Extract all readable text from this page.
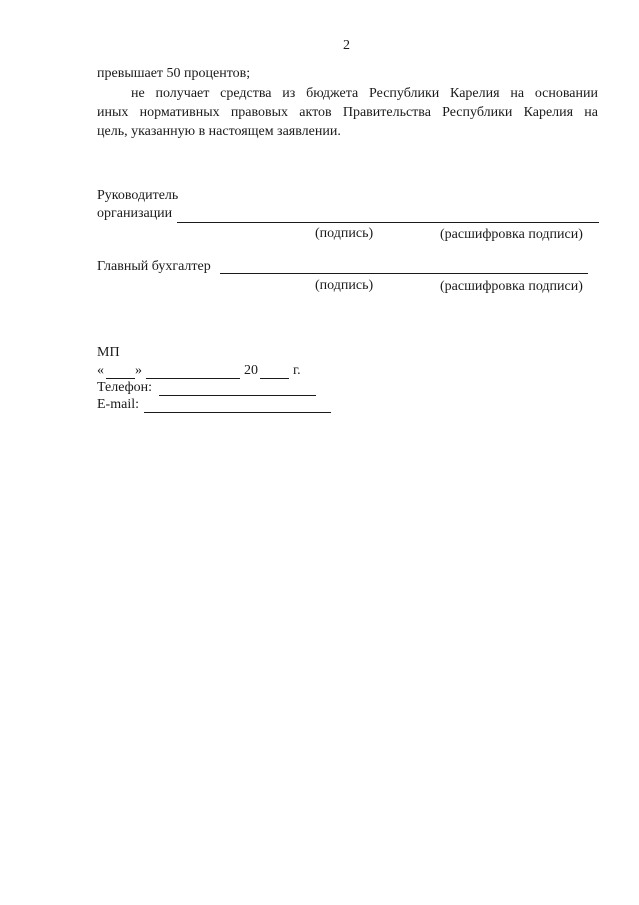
2
превышает 50 процентов;
не получает средства из бюджета Республики Карелия на основании
иных нормативных правовых актов Правительства Республики Карелия на
цель, указанную в настоящем заявлении.
Руководитель
организации
(подпись)	(расшифровка подписи)
Главный бухгалтер
(подпись)	(расшифровка подписи)
МП
« »	20	г.
Телефон:
E-mail:
